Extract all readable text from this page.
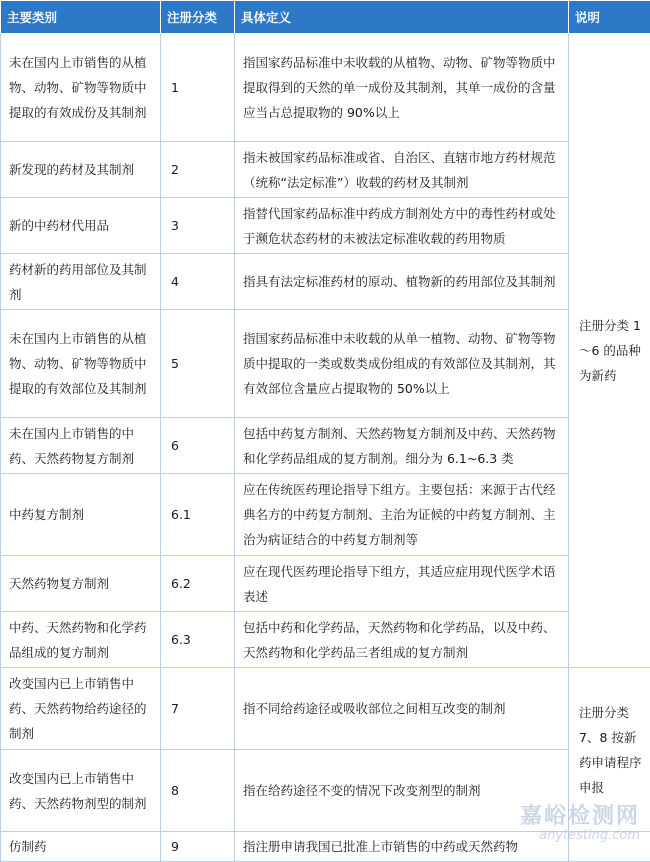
主要类别	注册分类	具体定义	说明
未在国内上市销售的从植物、动物、矿物等物质中提取的有效成份及其制剂	1	指国家药品标准中未收载的从植物、动物、矿物等物质中提取得到的天然的单一成份及其制剂，其单一成份的含量应当占总提取物的 90%以上	注册分类 1～6 的品种为新药
新发现的药材及其制剂	2	指未被国家药品标准或省、自治区、直辖市地方药材规范（统称“法定标准”）收载的药材及其制剂	
新的中药材代用品	3	指替代国家药品标准中药成方制剂处方中的毒性药材或处于濒危状态药材的未被法定标准收载的药用物质	
药材新的药用部位及其制剂	4	指具有法定标准药材的原动、植物新的药用部位及其制剂	
未在国内上市销售的从植物、动物、矿物等物质中提取的有效部位及其制剂	5	指国家药品标准中未收载的从单一植物、动物、矿物等物质中提取的一类或数类成份组成的有效部位及其制剂，其有效部位含量应占提取物的 50%以上	
未在国内上市销售的中药、天然药物复方制剂	6	包括中药复方制剂、天然药物复方制剂及中药、天然药物和化学药品组成的复方制剂。细分为 6.1~6.3 类	
中药复方制剂	6.1	应在传统医药理论指导下组方。主要包括：来源于古代经典名方的中药复方制剂、主治为证候的中药复方制剂、主治为病证结合的中药复方制剂等	
天然药物复方制剂	6.2	应在现代医药理论指导下组方，其适应症用现代医学术语表述	
中药、天然药物和化学药品组成的复方制剂	6.3	包括中药和化学药品，天然药物和化学药品，以及中药、天然药物和化学药品三者组成的复方制剂	
改变国内已上市销售中药、天然药物给药途径的制剂	7	指不同给药途径或吸收部位之间相互改变的制剂	注册分类 7、8 按新药申请程序申报
改变国内已上市销售中药、天然药物剂型的制剂	8	指在给药途径不变的情况下改变剂型的制剂	
仿制药	9	指注册申请我国已批准上市销售的中药或天然药物	
嘉峪检测网
anytesting.com
